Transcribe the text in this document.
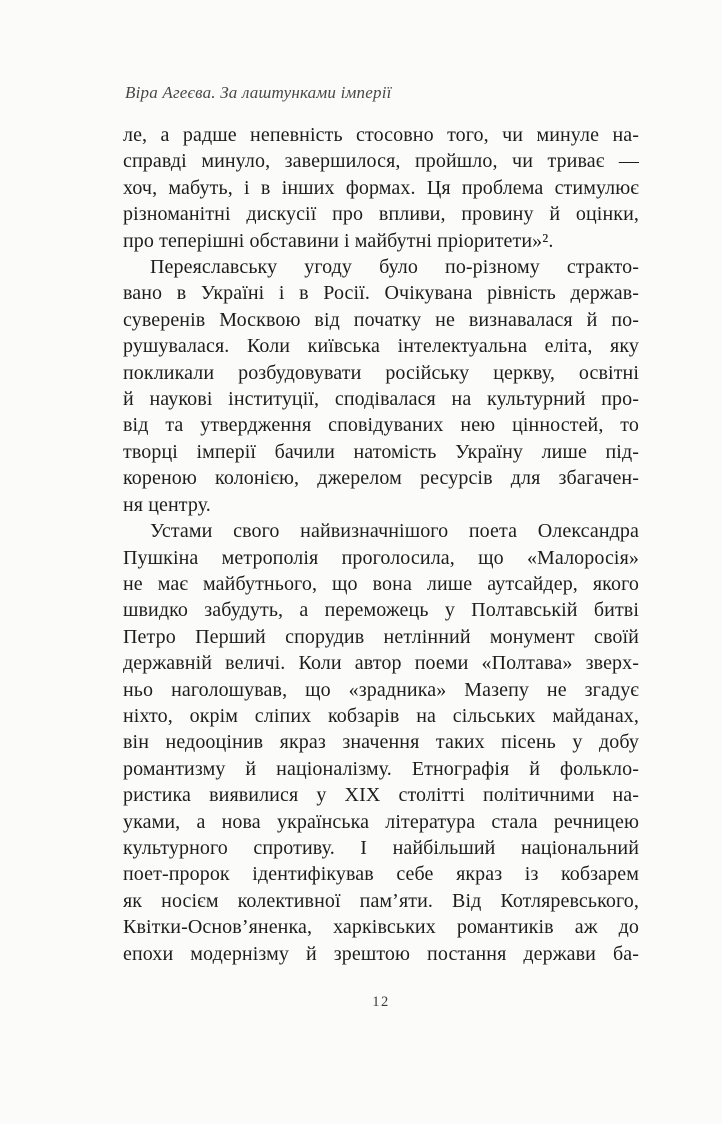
Віра Агеєва. За лаштунками імперії
ле, а радше непевність стосовно того, чи минуле на-
справді минуло, завершилося, пройшло, чи триває —
хоч, мабуть, і в інших формах. Ця проблема стимулює
різноманітні дискусії про впливи, провину й оцінки,
про теперішні обставини і майбутні пріоритети»².
Переяславську угоду було по-різному стракто-
вано в Україні і в Росії. Очікувана рівність держав-
суверенів Москвою від початку не визнавалася й по-
рушувалася. Коли київська інтелектуальна еліта, яку
покликали розбудовувати російську церкву, освітні
й наукові інституції, сподівалася на культурний про-
від та утвердження сповідуваних нею цінностей, то
творці імперії бачили натомість Україну лише під-
кореною колонією, джерелом ресурсів для збагачен-
ня центру.
Устами свого найвизначнішого поета Олександра
Пушкіна метрополія проголосила, що «Малоросія»
не має майбутнього, що вона лише аутсайдер, якого
швидко забудуть, а переможець у Полтавській битві
Петро Перший спорудив нетлінний монумент своїй
державній величі. Коли автор поеми «Полтава» зверх-
ньо наголошував, що «зрадника» Мазепу не згадує
ніхто, окрім сліпих кобзарів на сільських майданах,
він недооцінив якраз значення таких пісень у добу
романтизму й націоналізму. Етнографія й фолькло-
ристика виявилися у XIX столітті політичними на-
уками, а нова українська література стала речницею
культурного спротиву. І найбільший національний
поет-пророк ідентифікував себе якраз із кобзарем
як носієм колективної пам’яти. Від Котляревського,
Квітки-Основ’яненка, харківських романтиків аж до
епохи модернізму й зрештою постання держави ба-
12
